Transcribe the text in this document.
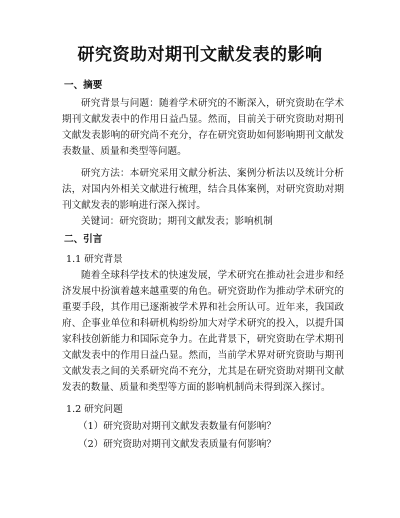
研究资助对期刊文献发表的影响
一、摘要

研究背景与问题：随着学术研究的不断深入，研究资助在学术期刊文献发表中的作用日益凸显。然而，目前关于研究资助对期刊文献发表影响的研究尚不充分，存在研究资助如何影响期刊文献发表数量、质量和类型等问题。

研究方法：本研究采用文献分析法、案例分析法以及统计分析法，对国内外相关文献进行梳理，结合具体案例，对研究资助对期刊文献发表的影响进行深入探讨。

关键词：研究资助；期刊文献发表；影响机制

二、引言
1.1 研究背景

随着全球科学技术的快速发展，学术研究在推动社会进步和经济发展中扮演着越来越重要的角色。研究资助作为推动学术研究的重要手段，其作用已逐渐被学术界和社会所认可。近年来，我国政府、企事业单位和科研机构纷纷加大对学术研究的投入，以提升国家科技创新能力和国际竞争力。在此背景下，研究资助在学术期刊文献发表中的作用日益凸显。然而，当前学术界对研究资助与期刊文献发表之间的关系研究尚不充分，尤其是在研究资助对期刊文献发表的数量、质量和类型等方面的影响机制尚未得到深入探讨。

1.2 研究问题

（1）研究资助对期刊文献发表数量有何影响？

（2）研究资助对期刊文献发表质量有何影响？
